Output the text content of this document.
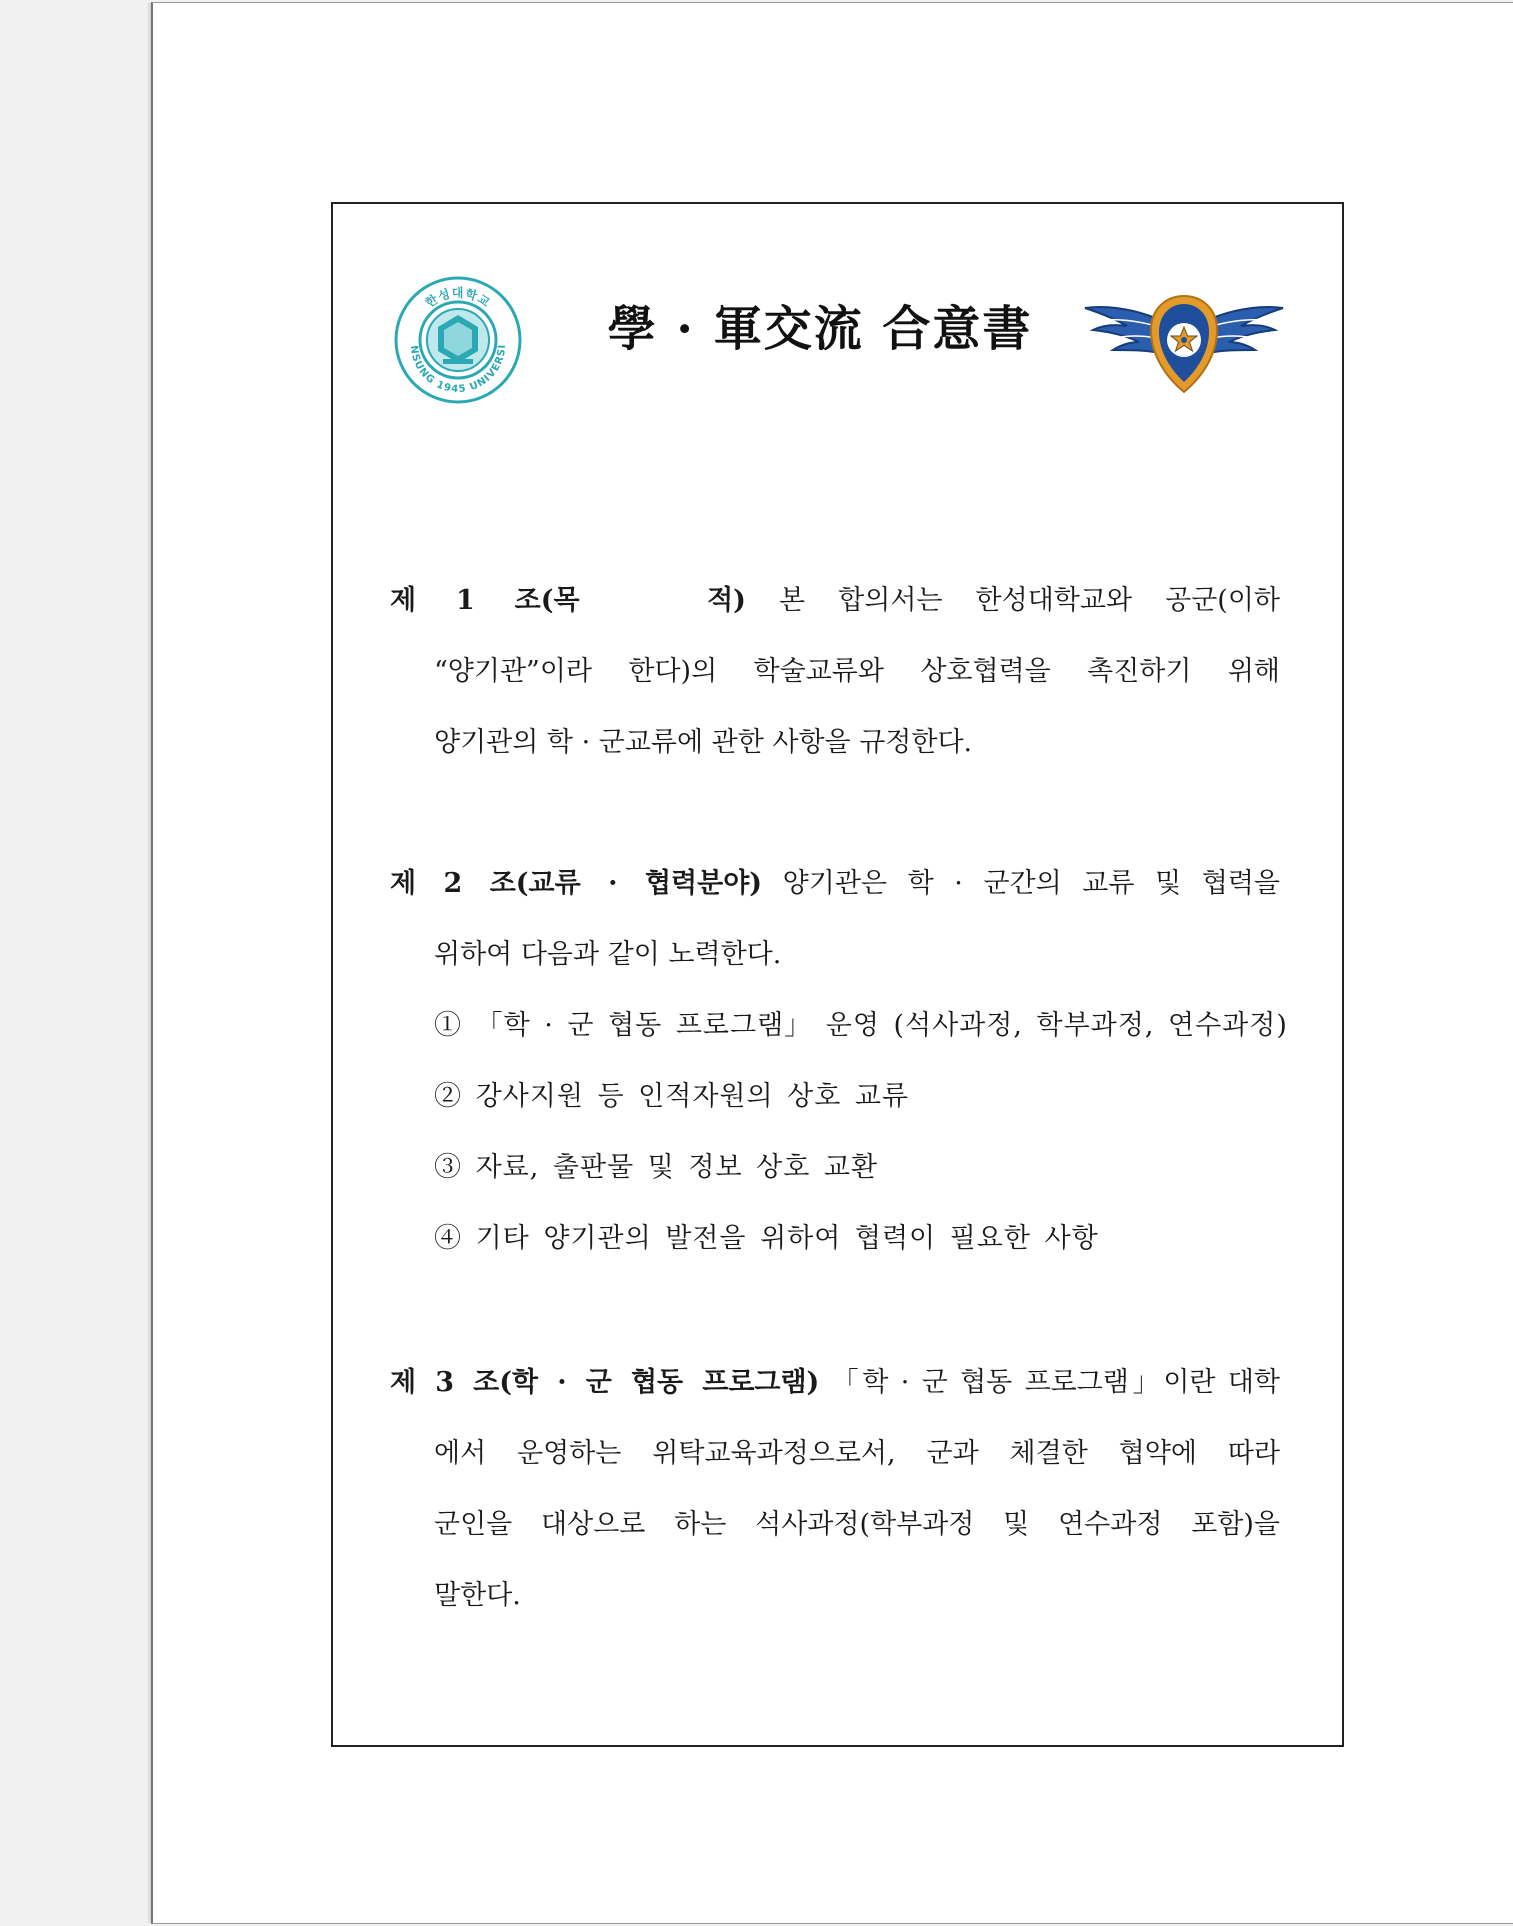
한성대학교
NSUNG 1945 UNIVERSI	學 · 軍交流 合意書
제 1 조(목　　적) 본 합의서는 한성대학교와 공군(이하
“양기관”이라 한다)의 학술교류와 상호협력을 촉진하기 위해
양기관의 학 · 군교류에 관한 사항을 규정한다.
제 2 조(교류 · 협력분야) 양기관은 학 · 군간의 교류 및 협력을
위하여 다음과 같이 노력한다.
① 「학 · 군 협동 프로그램」 운영 (석사과정, 학부과정, 연수과정)
② 강사지원 등 인적자원의 상호 교류
③ 자료, 출판물 및 정보 상호 교환
④ 기타 양기관의 발전을 위하여 협력이 필요한 사항
제 3 조(학 · 군 협동 프로그램) 「학 · 군 협동 프로그램」이란 대학
에서 운영하는 위탁교육과정으로서, 군과 체결한 협약에 따라
군인을 대상으로 하는 석사과정(학부과정 및 연수과정 포함)을
말한다.
